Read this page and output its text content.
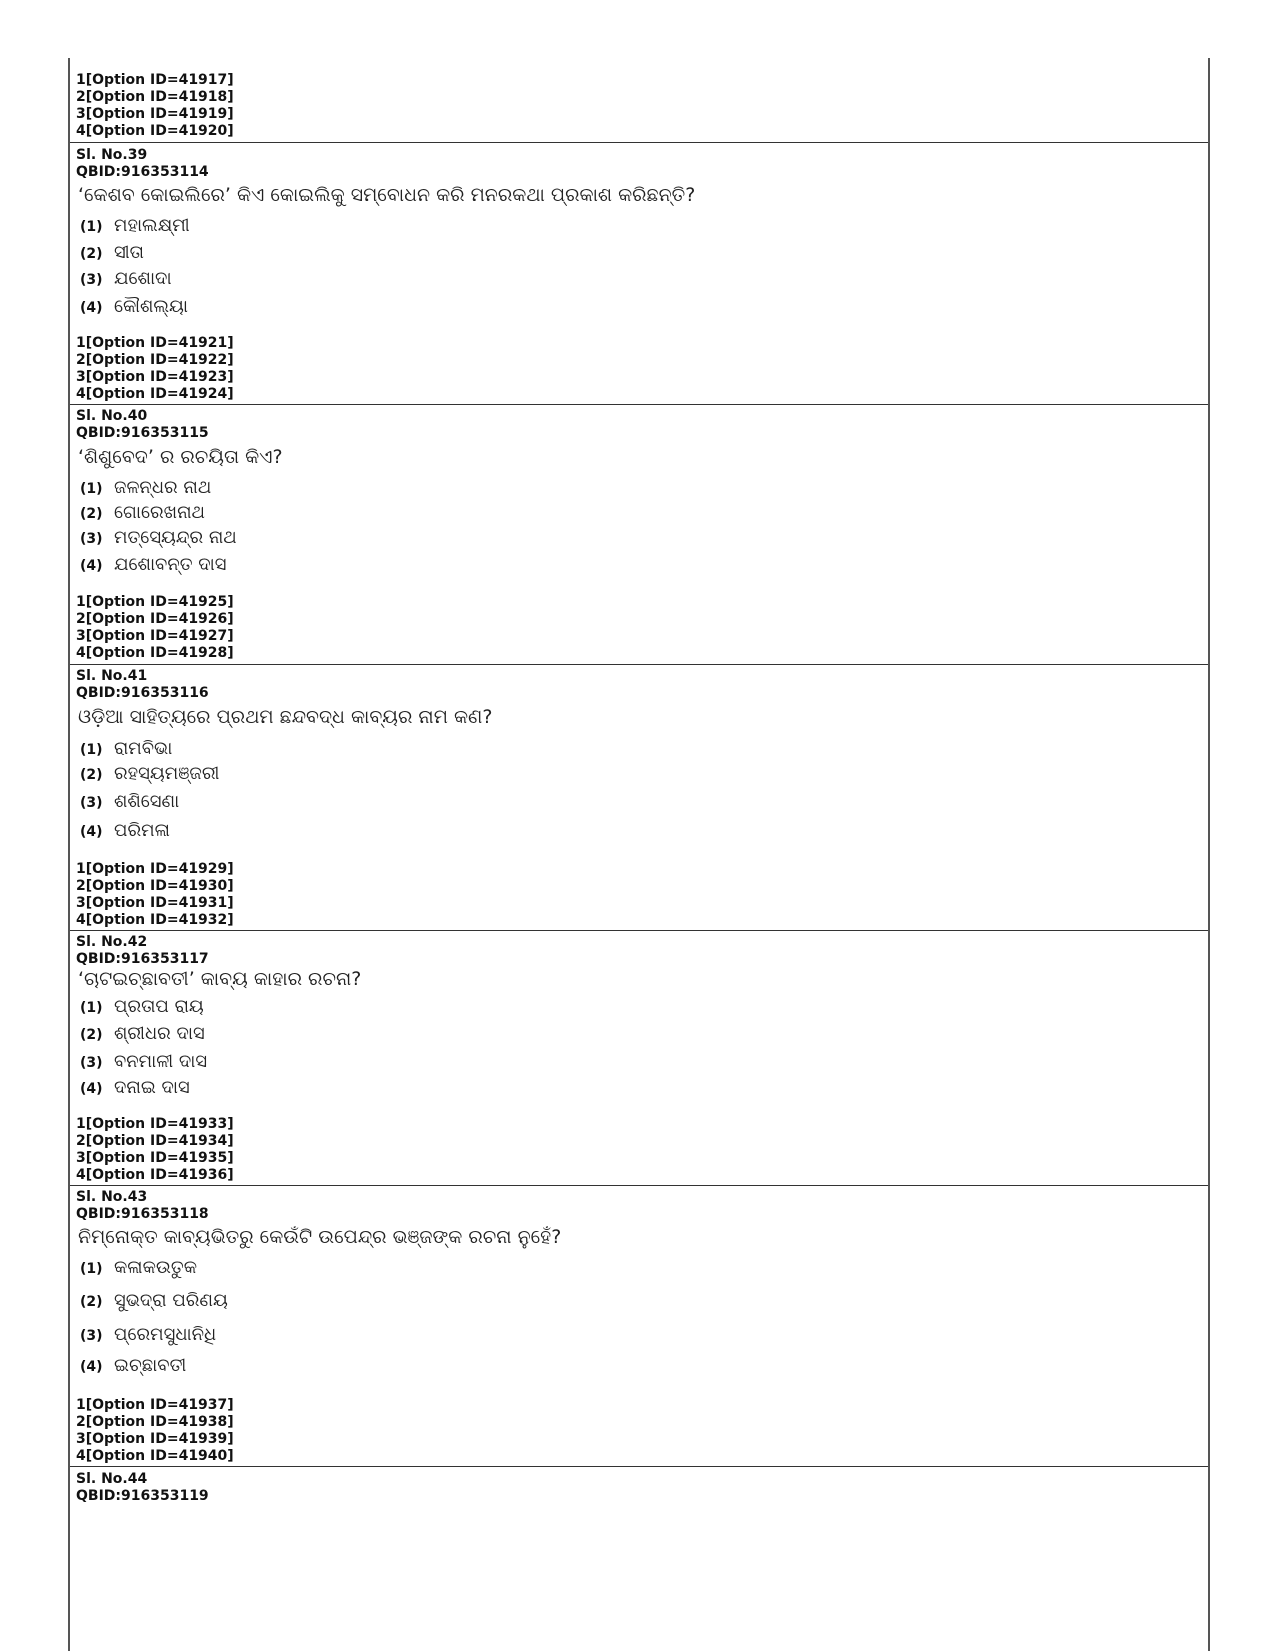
1[Option ID=41917]
2[Option ID=41918]
3[Option ID=41919]
4[Option ID=41920]
Sl. No.39
QBID:916353114
‘କେଶବ କୋଇଲିରେ’ କିଏ କୋଇଲିକୁ ସମ୍ବୋଧନ କରି ମନରକଥା ପ୍ରକାଶ କରିଛନ୍ତି?
(1) ମହାଲକ୍ଷ୍ମୀ
(2) ସୀତା
(3) ଯଶୋଦା
(4) କୌଶଲ୍ୟା
1[Option ID=41921]
2[Option ID=41922]
3[Option ID=41923]
4[Option ID=41924]
Sl. No.40
QBID:916353115
‘ଶିଶୁବେଦ’ ର ରଚୟିତା କିଏ?
(1) ଜଳନ୍ଧର ନାଥ
(2) ଗୋରେଖନାଥ
(3) ମତ୍ସ୍ୟେନ୍ଦ୍ର ନାଥ
(4) ଯଶୋବନ୍ତ ଦାସ
1[Option ID=41925]
2[Option ID=41926]
3[Option ID=41927]
4[Option ID=41928]
Sl. No.41
QBID:916353116
ଓଡ଼ିଆ ସାହିତ୍ୟରେ ପ୍ରଥମ ଛନ୍ଦବଦ୍ଧ କାବ୍ୟର ନାମ କଣ?
(1) ରାମବିଭା
(2) ରହସ୍ୟମଞ୍ଜରୀ
(3) ଶଶିସେଣା
(4) ପରିମଳା
1[Option ID=41929]
2[Option ID=41930]
3[Option ID=41931]
4[Option ID=41932]
Sl. No.42
QBID:916353117
‘ଚାଟଇଚ୍ଛାବତୀ’ କାବ୍ୟ କାହାର ରଚନା?
(1) ପ୍ରତାପ ରାୟ
(2) ଶ୍ରୀଧର ଦାସ
(3) ବନମାଳୀ ଦାସ
(4) ଦନାଇ ଦାସ
1[Option ID=41933]
2[Option ID=41934]
3[Option ID=41935]
4[Option ID=41936]
Sl. No.43
QBID:916353118
ନିମ୍ନୋକ୍ତ କାବ୍ୟଭିତରୁ କେଉଁଟି ଉପେନ୍ଦ୍ର ଭଞ୍ଜଙ୍କ ରଚନା ନୁହେଁ?
(1) କଳାକଉତୁକ
(2) ସୁଭଦ୍ରା ପରିଣୟ
(3) ପ୍ରେମସୁଧାନିଧି
(4) ଇଚ୍ଛାବତୀ
1[Option ID=41937]
2[Option ID=41938]
3[Option ID=41939]
4[Option ID=41940]
Sl. No.44
QBID:916353119
